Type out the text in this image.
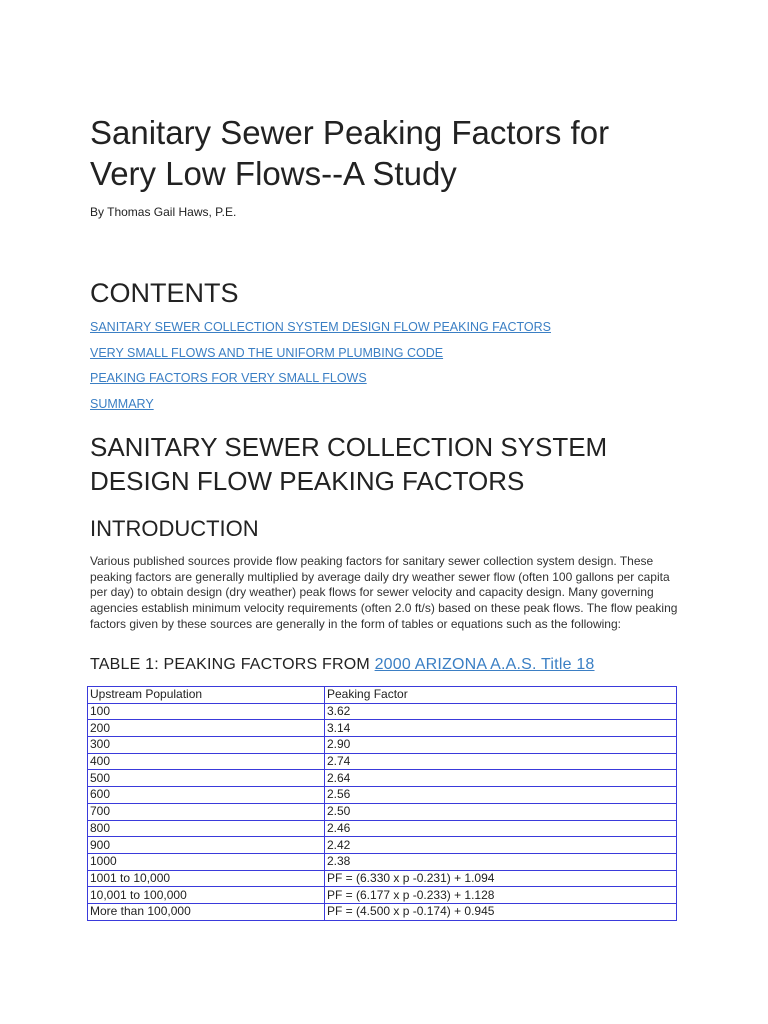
Sanitary Sewer Peaking Factors for Very Low Flows--A Study

By Thomas Gail Haws, P.E.

CONTENTS
SANITARY SEWER COLLECTION SYSTEM DESIGN FLOW PEAKING FACTORS
VERY SMALL FLOWS AND THE UNIFORM PLUMBING CODE
PEAKING FACTORS FOR VERY SMALL FLOWS
SUMMARY
SANITARY SEWER COLLECTION SYSTEM DESIGN FLOW PEAKING FACTORS
INTRODUCTION

Various published sources provide flow peaking factors for sanitary sewer collection system design. These peaking factors are generally multiplied by average daily dry weather sewer flow (often 100 gallons per capita per day) to obtain design (dry weather) peak flows for sewer velocity and capacity design. Many governing agencies establish minimum velocity requirements (often 2.0 ft/s) based on these peak flows. The flow peaking factors given by these sources are generally in the form of tables or equations such as the following:

TABLE 1: PEAKING FACTORS FROM 2000 ARIZONA A.A.S. Title 18
Upstream Population	Peaking Factor
100	3.62
200	3.14
300	2.90
400	2.74
500	2.64
600	2.56
700	2.50
800	2.46
900	2.42
1000	2.38
1001 to 10,000	PF = (6.330 x p -0.231) + 1.094
10,001 to 100,000	PF = (6.177 x p -0.233) + 1.128
More than 100,000	PF = (4.500 x p -0.174) + 0.945
